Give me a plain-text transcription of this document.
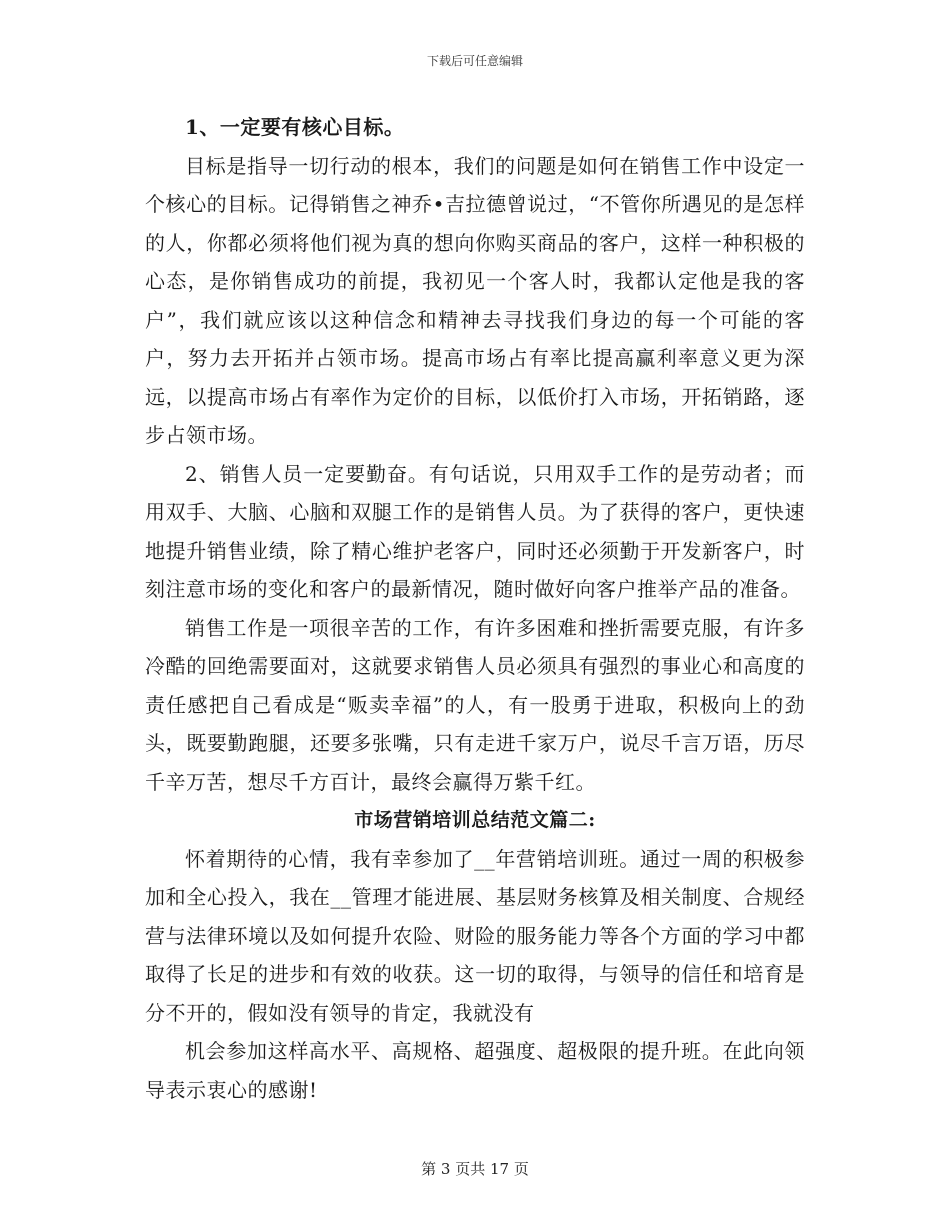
下载后可任意编辑

1、一定要有核心目标。

目标是指导一切行动的根本，我们的问题是如何在销售工作中设定一个核心的目标。记得销售之神乔•吉拉德曾说过，“不管你所遇见的是怎样的人，你都必须将他们视为真的想向你购买商品的客户，这样一种积极的心态，是你销售成功的前提，我初见一个客人时，我都认定他是我的客户”，我们就应该以这种信念和精神去寻找我们身边的每一个可能的客户，努力去开拓并占领市场。提高市场占有率比提高赢利率意义更为深远，以提高市场占有率作为定价的目标，以低价打入市场，开拓销路，逐步占领市场。

2、销售人员一定要勤奋。有句话说，只用双手工作的是劳动者；而用双手、大脑、心脑和双腿工作的是销售人员。为了获得的客户，更快速地提升销售业绩，除了精心维护老客户，同时还必须勤于开发新客户，时刻注意市场的变化和客户的最新情况，随时做好向客户推举产品的准备。

销售工作是一项很辛苦的工作，有许多困难和挫折需要克服，有许多冷酷的回绝需要面对，这就要求销售人员必须具有强烈的事业心和高度的责任感把自己看成是“贩卖幸福”的人，有一股勇于进取，积极向上的劲头，既要勤跑腿，还要多张嘴，只有走进千家万户，说尽千言万语，历尽千辛万苦，想尽千方百计，最终会赢得万紫千红。

市场营销培训总结范文篇二:

怀着期待的心情，我有幸参加了__年营销培训班。通过一周的积极参加和全心投入，我在__管理才能进展、基层财务核算及相关制度、合规经营与法律环境以及如何提升农险、财险的服务能力等各个方面的学习中都取得了长足的进步和有效的收获。这一切的取得，与领导的信任和培育是分不开的，假如没有领导的肯定，我就没有

机会参加这样高水平、高规格、超强度、超极限的提升班。在此向领导表示衷心的感谢!

第 3 页共 17 页
